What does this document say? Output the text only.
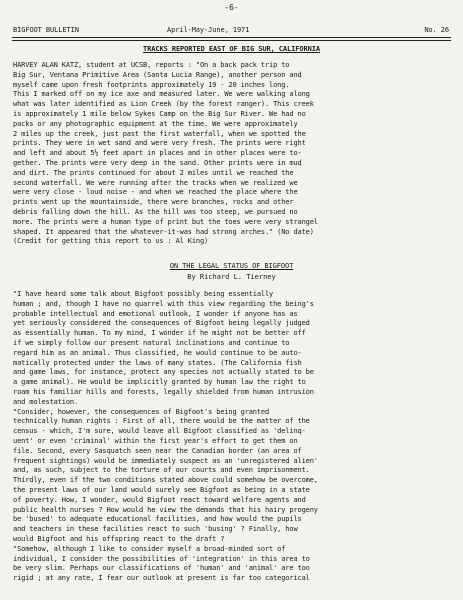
-6-
BIGFOOT BULLETIN	April-May-June, 1971	No. 26
TRACKS REPORTED EAST OF BIG SUR, CALIFORNIA
HARVEY ALAN KATZ, student at UCSB, reports : "On a back pack trip to
Big Sur, Ventana Primitive Area (Santa Lucia Range), another person and
myself came upon fresh footprints approximately 19 - 20 inches long.
This I marked off on my ice axe and measured later. We were walking along
what was later identified as Lion Creek (by the forest ranger). This creek
is approximately 1 mile below Sykes Camp on the Big Sur River. We had no
packs or any photographic equipment at the time. We were approximately
2 miles up the creek, just past the first waterfall, when we spotted the
prints. They were in wet sand and were very fresh. The prints were right
and left and about 5½ feet apart in places and in other places were to-
gether. The prints were very deep in the sand. Other prints were in mud
and dirt. The prints continued for about 2 miles until we reached the
second waterfall. We were running after the tracks when we realized we
were very close - loud noise - and when we reached the place where the
prints went up the mountainside, there were branches, rocks and other
debris falling down the hill. As the hill was too steep, we pursued no
more. The prints were a human type of print but the toes were very strangel
shaped. It appeared that the whatever-it-was had strong arches." (No date)
(Credit for getting this report to us : Al King)
ON THE LEGAL STATUS OF BIGFOOT
By Richard L. Tierney
"I have heard some talk about Bigfoot possibly being essentially
human ; and, though I have no quarrel with this view regarding the being's
probable intellectual and emotional outlook, I wonder if anyone has as
yet seriously considered the consequences of Bigfoot being legally judged
as essentially human. To my mind, I wonder if he might not be better off
if we simply follow our present natural inclinations and continue to
regard him as an animal. Thus classified, he would continue to be auto-
matically protected under the laws of many states. (The California fish
and game laws, for instance, protect any species not actually stated to be
a game animal). He would be implicitly granted by human law the right to
roam his familiar hills and forests, legally shielded from human intrusion
and molestation.
"Consider, however, the consequences of Bigfoot's being granted
technically human rights : First of all, there would be the matter of the
census - which, I'm sure, would leave all Bigfoot classified as 'delinq-
uent' or even 'criminal' within the first year's effort to get them on
file. Second, every Sasquatch seen near the Canadian border (an area of
frequent sightings) would be immediately suspect as an 'unregistered alien'
and, as such, subject to the torture of our courts and even imprisonment.
Thirdly, even if the two conditions stated above could somehow be overcome,
the present laws of our land would surely see Bigfoot as being in a state
of poverty. How, I wonder, would Bigfoot react toward welfare agents and
public health nurses ? How would he view the demands that his hairy progeny
be 'bused' to adequate educational facilities, and how would the pupils
and teachers in these facilities react to such 'busing' ? Finally, how
would Bigfoot and his offspring react to the draft ?
"Somehow, although I like to consider myself a broad-minded sort of
individual, I consider the possibilities of 'integration' in this area to
be very slim. Perhaps our classifications of 'human' and 'animal' are too
rigid ; at any rate, I fear our outlook at present is far too categorical
